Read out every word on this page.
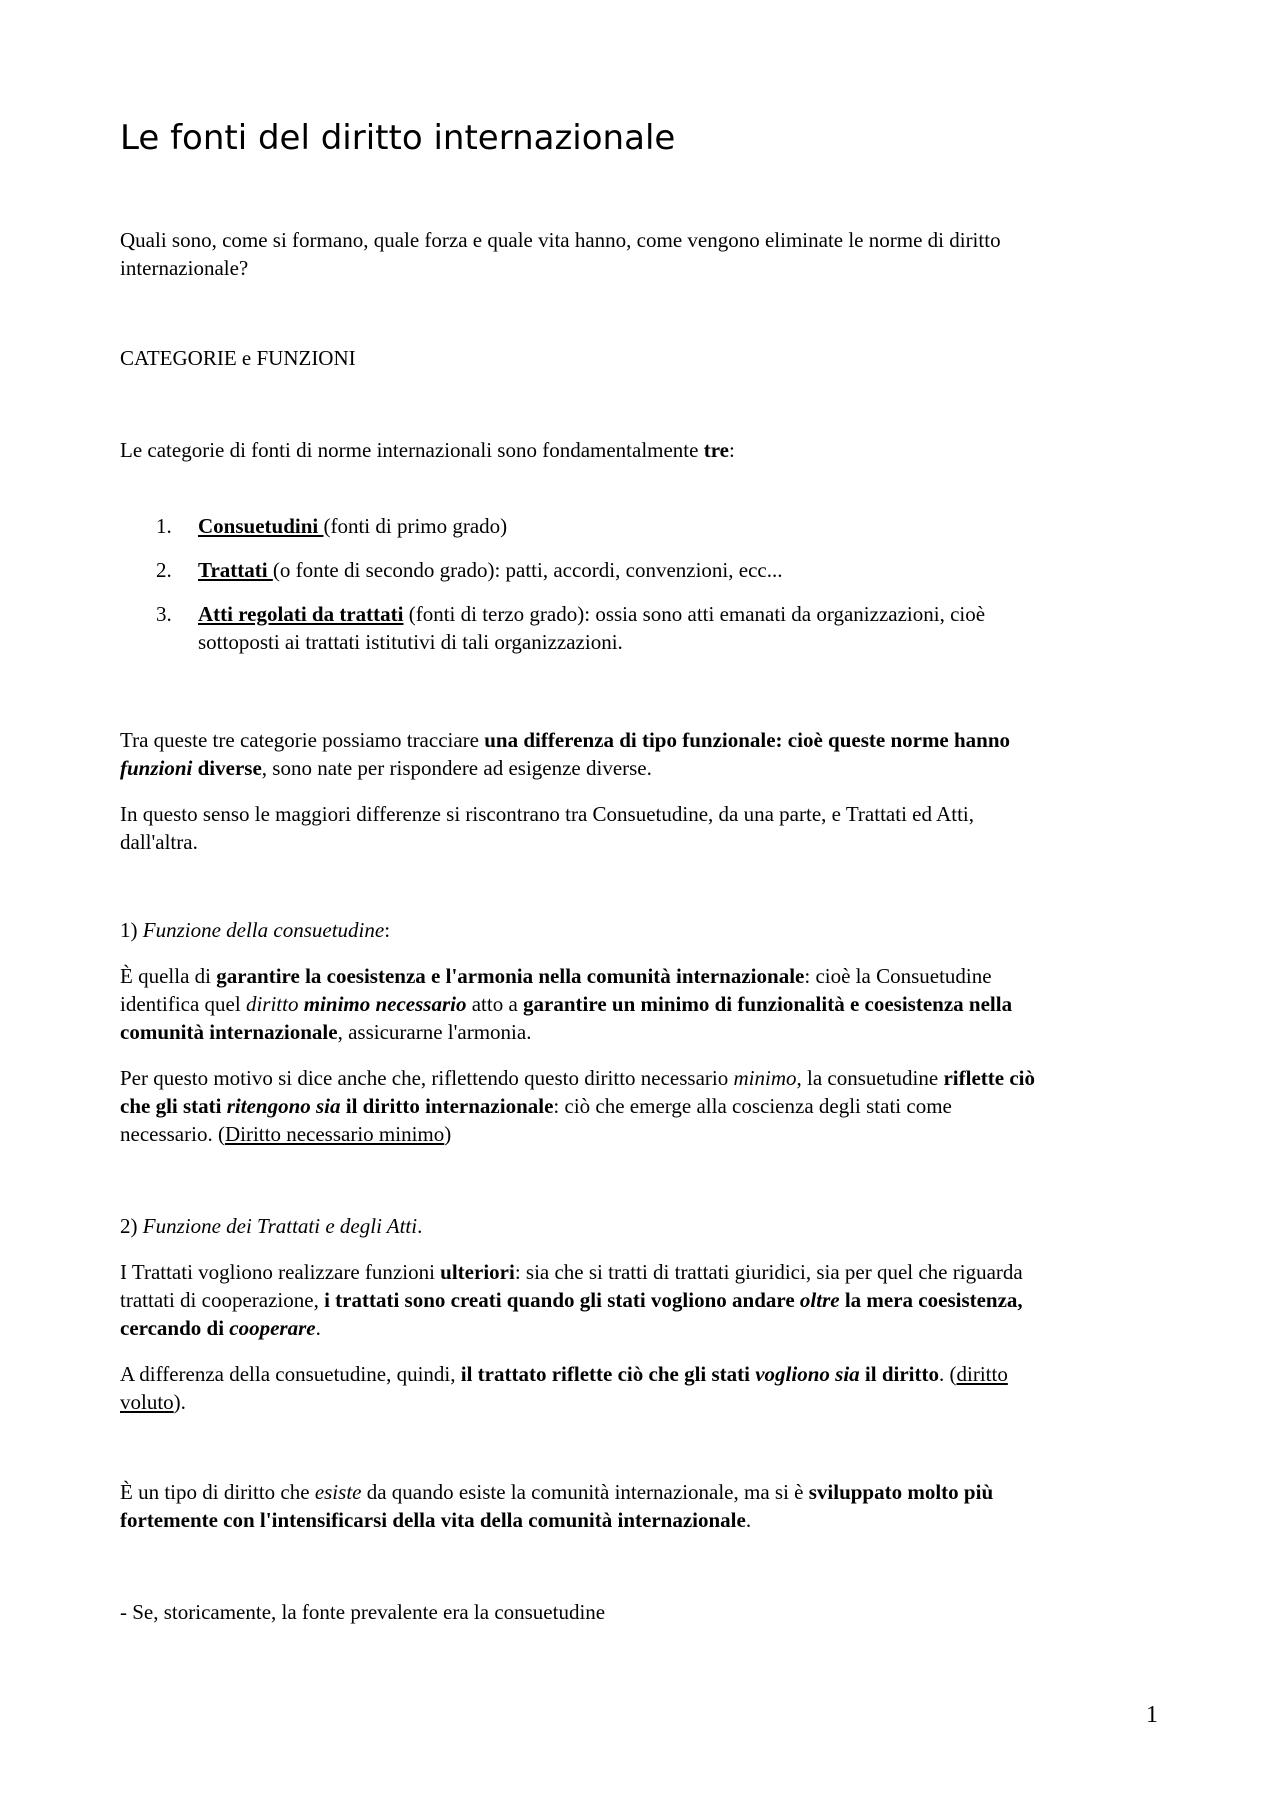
Le fonti del diritto internazionale

Quali sono, come si formano, quale forza e quale vita hanno, come vengono eliminate le norme di diritto
internazionale?

CATEGORIE e FUNZIONI

Le categorie di fonti di norme internazionali sono fondamentalmente tre:

1. Consuetudini (fonti di primo grado)
2. Trattati (o fonte di secondo grado): patti, accordi, convenzioni, ecc...
3. Atti regolati da trattati (fonti di terzo grado): ossia sono atti emanati da organizzazioni, cioè
sottoposti ai trattati istitutivi di tali organizzazioni.

Tra queste tre categorie possiamo tracciare una differenza di tipo funzionale: cioè queste norme hanno
funzioni diverse, sono nate per rispondere ad esigenze diverse.

In questo senso le maggiori differenze si riscontrano tra Consuetudine, da una parte, e Trattati ed Atti,
dall'altra.

1) Funzione della consuetudine:

È quella di garantire la coesistenza e l'armonia nella comunità internazionale: cioè la Consuetudine
identifica quel diritto minimo necessario atto a garantire un minimo di funzionalità e coesistenza nella
comunità internazionale, assicurarne l'armonia.

Per questo motivo si dice anche che, riflettendo questo diritto necessario minimo, la consuetudine riflette ciò
che gli stati ritengono sia il diritto internazionale: ciò che emerge alla coscienza degli stati come
necessario. (Diritto necessario minimo)

2) Funzione dei Trattati e degli Atti.

I Trattati vogliono realizzare funzioni ulteriori: sia che si tratti di trattati giuridici, sia per quel che riguarda
trattati di cooperazione, i trattati sono creati quando gli stati vogliono andare oltre la mera coesistenza,
cercando di cooperare.

A differenza della consuetudine, quindi, il trattato riflette ciò che gli stati vogliono sia il diritto. (diritto
voluto).

È un tipo di diritto che esiste da quando esiste la comunità internazionale, ma si è sviluppato molto più
fortemente con l'intensificarsi della vita della comunità internazionale.

- Se, storicamente, la fonte prevalente era la consuetudine

1
